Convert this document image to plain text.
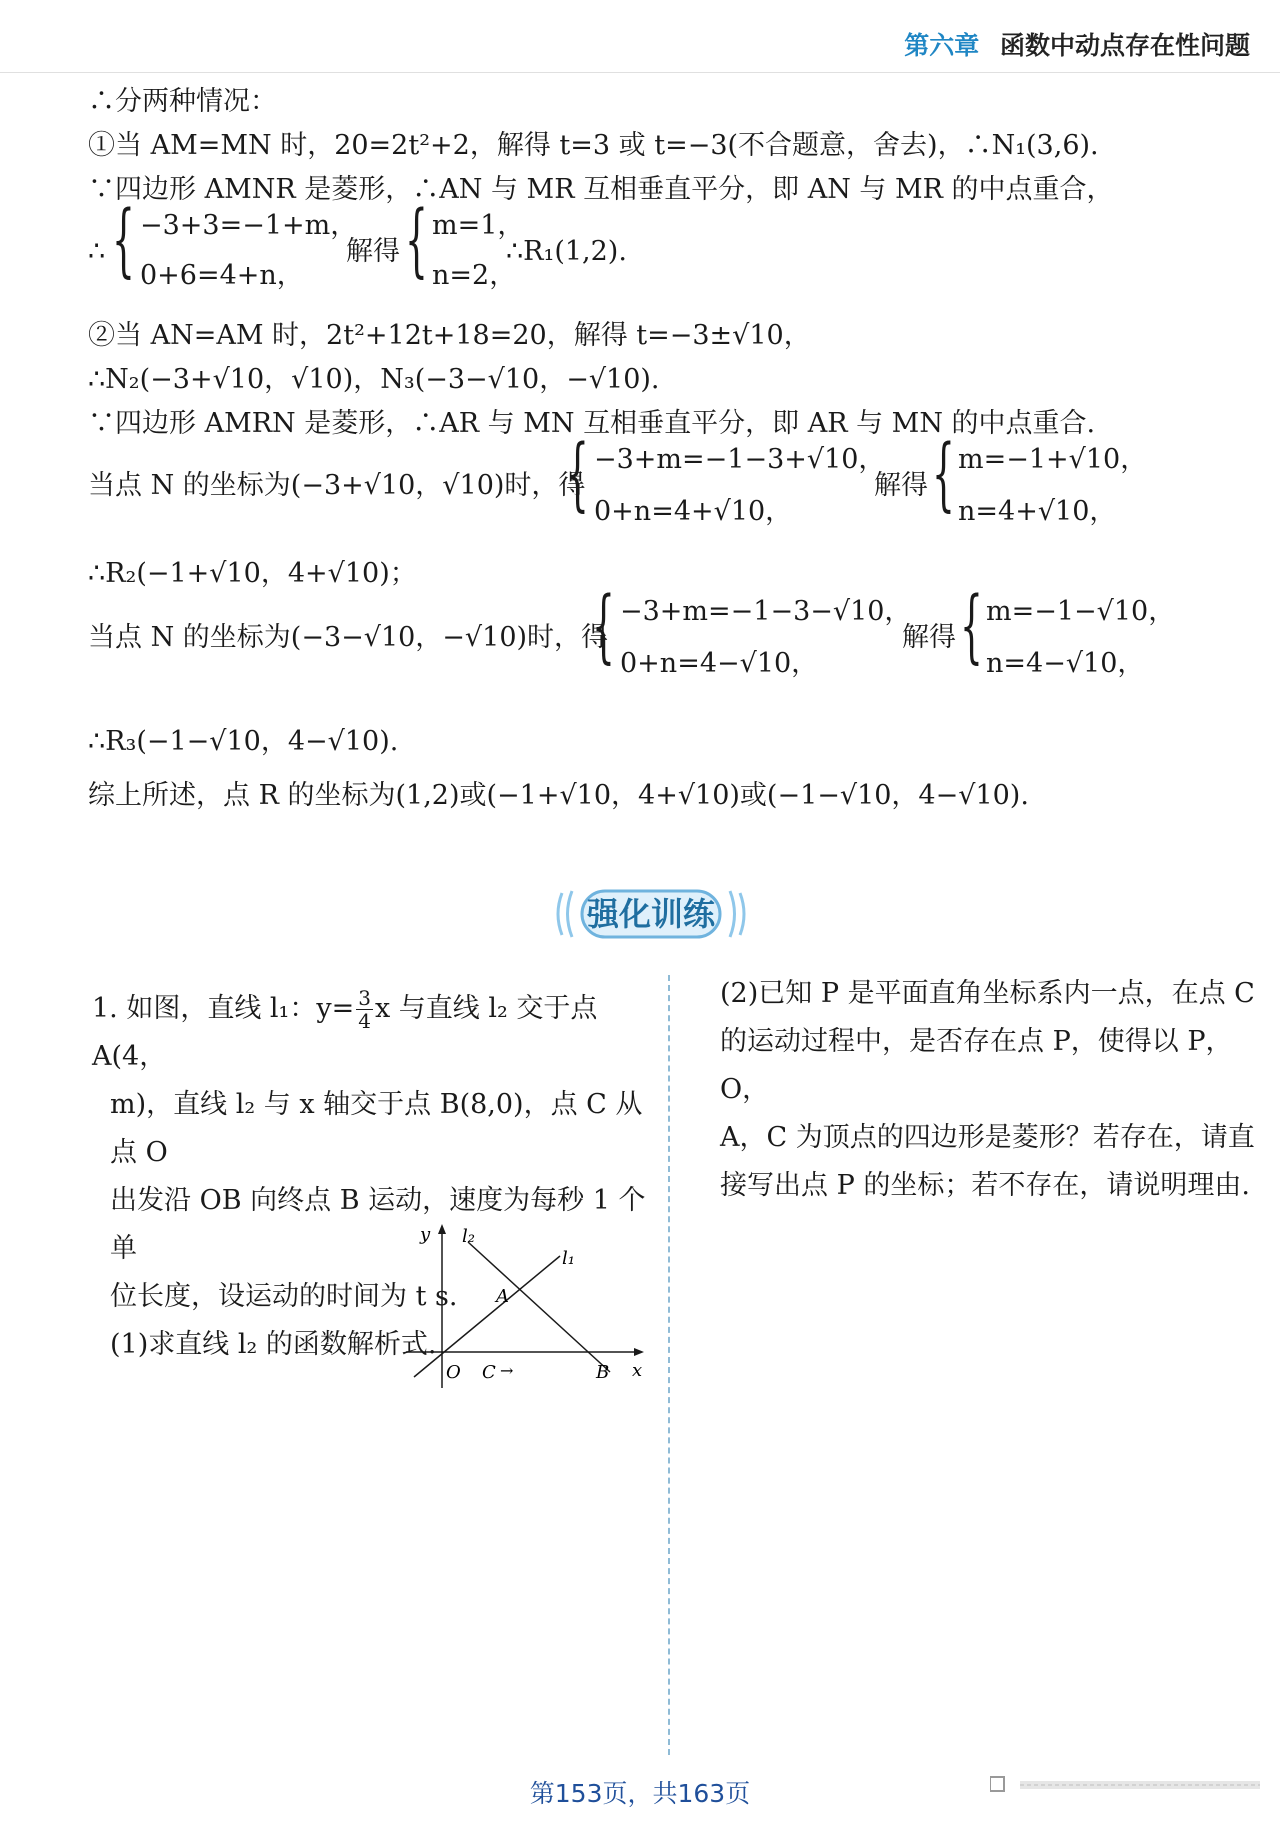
第六章 函数中动点存在性问题
∴分两种情况：
①当 AM=MN 时，20=2t²+2，解得 t=3 或 t=−3(不合题意，舍去)，∴N₁(3,6).
∵四边形 AMNR 是菱形，∴AN 与 MR 互相垂直平分，即 AN 与 MR 的中点重合，
∴ { −3+3=−1+m，
0+6=4+n，
解得 { m=1，
n=2，
∴R₁(1,2).
②当 AN=AM 时，2t²+12t+18=20，解得 t=−3±√10，
∴N₂(−3+√10，√10)，N₃(−3−√10，−√10).
∵四边形 AMRN 是菱形，∴AR 与 MN 互相垂直平分，即 AR 与 MN 的中点重合.
当点 N 的坐标为(−3+√10，√10)时，得
{ −3+m=−1−3+√10，
0+n=4+√10，
解得 { m=−1+√10，
n=4+√10，
∴R₂(−1+√10，4+√10)；
当点 N 的坐标为(−3−√10，−√10)时，得
{ −3+m=−1−3−√10，
0+n=4−√10，
解得 { m=−1−√10，
n=4−√10，
∴R₃(−1−√10，4−√10).
综上所述，点 R 的坐标为(1,2)或(−1+√10，4+√10)或(−1−√10，4−√10).
强化训练
1. 如图，直线 l₁：$y= \frac{3}{4}$ x 与直线 l₂ 交于点 A(4，
m)，直线 l₂ 与 x 轴交于点 B(8,0)，点 C 从点 O
出发沿 OB 向终点 B 运动，速度为每秒 1 个单
位长度，设运动的时间为 t s.
(1)求直线 l₂ 的函数解析式.
y
x
l₁
l₂
A
O C →	B
(2)已知 P 是平面直角坐标系内一点，在点 C
的运动过程中，是否存在点 P，使得以 P，O，
A，C 为顶点的四边形是菱形？若存在，请直
接写出点 P 的坐标；若不存在，请说明理由.
第153页，共163页
